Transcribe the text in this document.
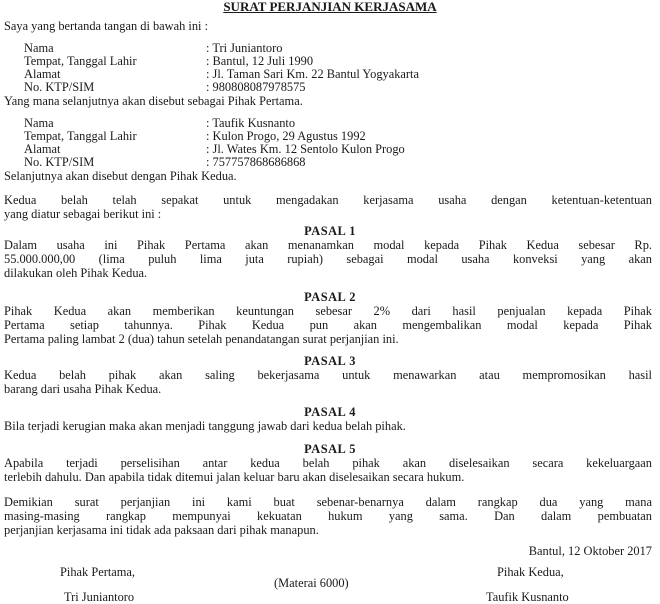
SURAT PERJANJIAN KERJASAMA
Saya yang bertanda tangan di bawah ini :
Nama	: Tri Juniantoro
Tempat, Tanggal Lahir	: Bantul, 12 Juli 1990
Alamat	: Jl. Taman Sari Km. 22 Bantul Yogyakarta
No. KTP/SIM	: 980808087978575
Yang mana selanjutnya akan disebut sebagai Pihak Pertama.
Nama	: Taufik Kusnanto
Tempat, Tanggal Lahir	: Kulon Progo, 29 Agustus 1992
Alamat	: Jl. Wates Km. 12 Sentolo Kulon Progo
No. KTP/SIM	: 757757868686868
Selanjutnya akan disebut dengan Pihak Kedua.
Kedua belah telah sepakat untuk mengadakan kerjasama usaha dengan ketentuan-ketentuan
yang diatur sebagai berikut ini :
PASAL 1
Dalam usaha ini Pihak Pertama akan menanamkan modal kepada Pihak Kedua sebesar Rp.
55.000.000,00 (lima puluh lima juta rupiah) sebagai modal usaha konveksi yang akan
dilakukan oleh Pihak Kedua.
PASAL 2
Pihak Kedua akan memberikan keuntungan sebesar 2% dari hasil penjualan kepada Pihak
Pertama setiap tahunnya. Pihak Kedua pun akan mengembalikan modal kepada Pihak
Pertama paling lambat 2 (dua) tahun setelah penandatangan surat perjanjian ini.
PASAL 3
Kedua belah pihak akan saling bekerjasama untuk menawarkan atau mempromosikan hasil
barang dari usaha Pihak Kedua.
PASAL 4
Bila terjadi kerugian maka akan menjadi tanggung jawab dari kedua belah pihak.
PASAL 5
Apabila terjadi perselisihan antar kedua belah pihak akan diselesaikan secara kekeluargaan
terlebih dahulu. Dan apabila tidak ditemui jalan keluar baru akan diselesaikan secara hukum.
Demikian surat perjanjian ini kami buat sebenar-benarnya dalam rangkap dua yang mana
masing-masing rangkap mempunyai kekuatan hukum yang sama. Dan dalam pembuatan
perjanjian kerjasama ini tidak ada paksaan dari pihak manapun.
Bantul, 12 Oktober 2017
Pihak Pertama,	Pihak Kedua,
(Materai 6000)
Tri Juniantoro	Taufik Kusnanto
